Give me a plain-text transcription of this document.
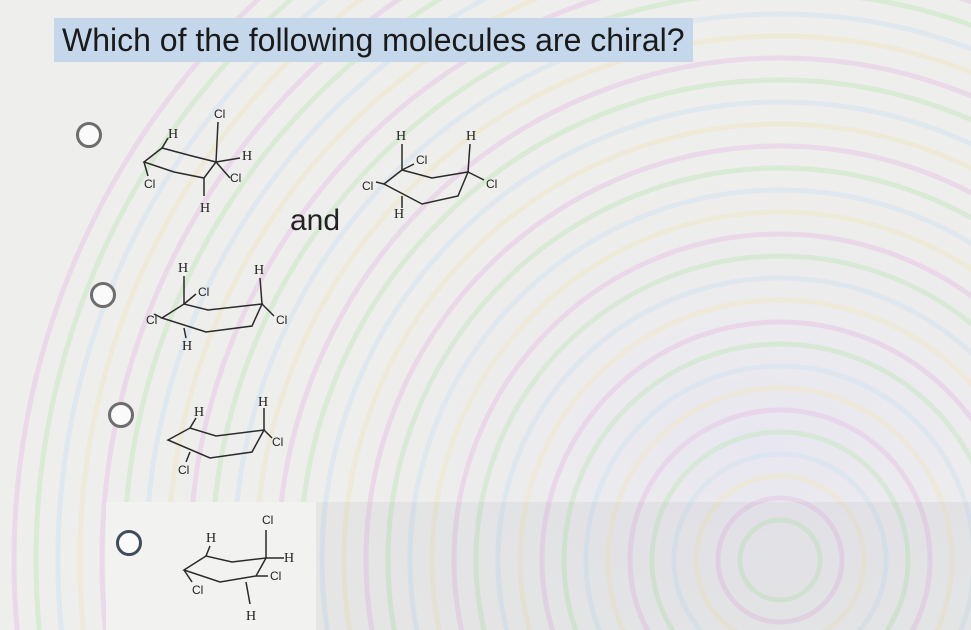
Which of the following molecules are chiral?
H
Cl
Cl
H
Cl
H	and
H
Cl
Cl
H
H
Cl
H
Cl
Cl
H
H
Cl
H
Cl
H
Cl
H
Cl
Cl
H
Cl
H
